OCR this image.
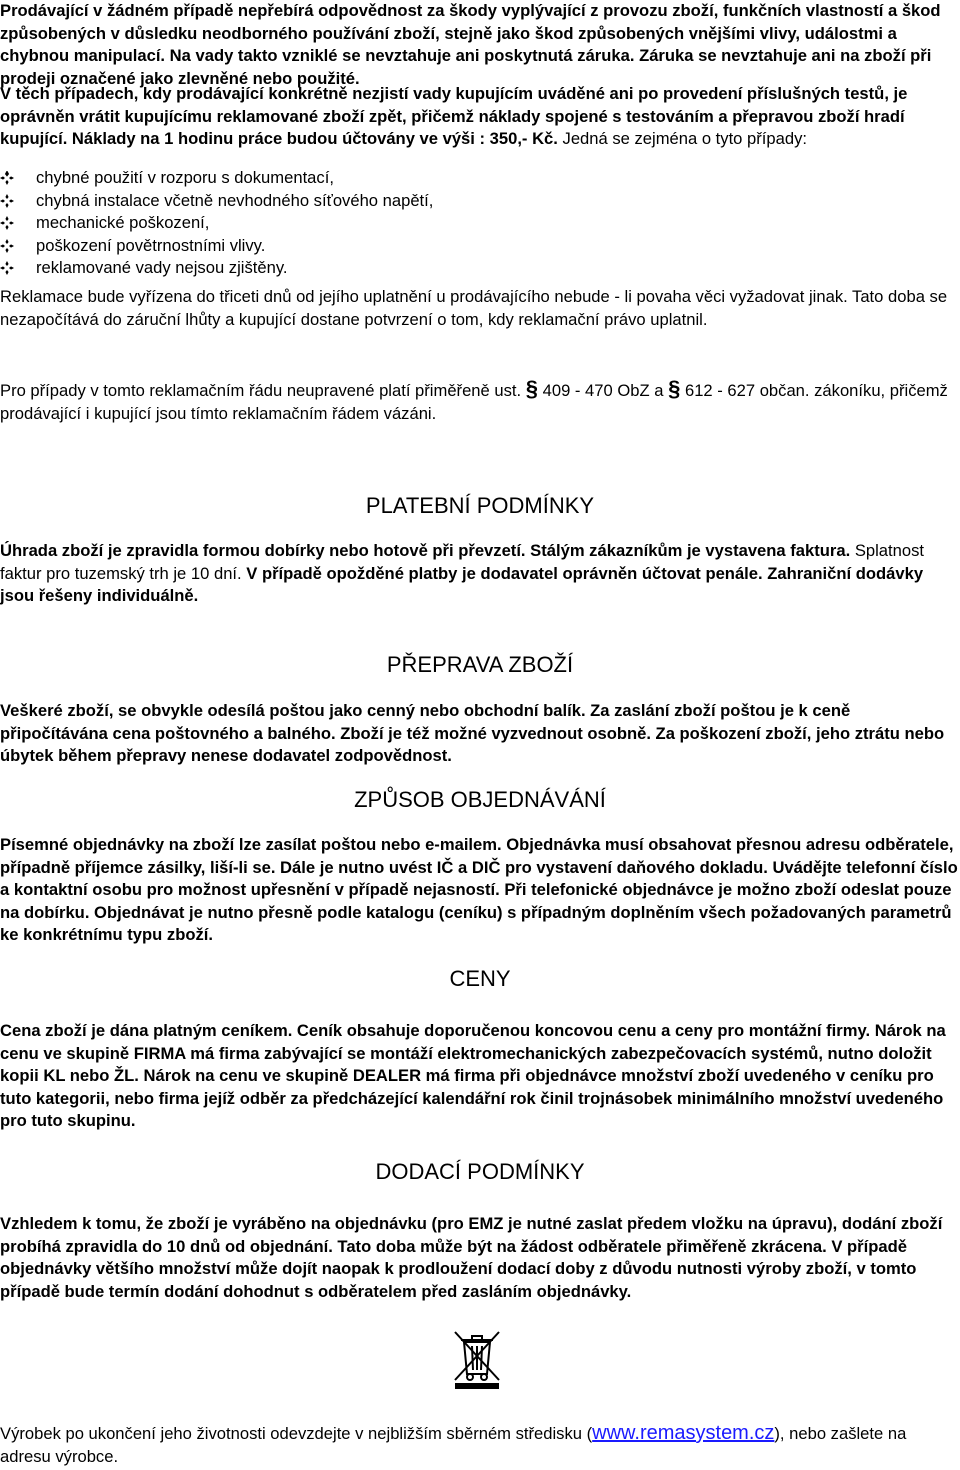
Prodávající v žádném případě nepřebírá odpovědnost za škody vyplývající z provozu zboží, funkčních vlastností a škod způsobených v důsledku neodborného používání zboží, stejně jako škod způsobených vnějšími vlivy, událostmi a chybnou manipulací. Na vady takto vzniklé se nevztahuje ani poskytnutá záruka. Záruka se nevztahuje ani na zboží při prodeji označené jako zlevněné nebo použité.

V těch případech, kdy prodávající konkrétně nezjistí vady kupujícím uváděné ani po provedení příslušných testů, je oprávněn vrátit kupujícímu reklamované zboží zpět, přičemž náklady spojené s testováním a přepravou zboží hradí kupující. Náklady na 1 hodinu práce budou účtovány ve výši : 350,- Kč. Jedná se zejména o tyto případy:

chybné použití v rozporu s dokumentací,
chybná instalace včetně nevhodného síťového napětí,
mechanické poškození,
poškození povětrnostními vlivy.
reklamované vady nejsou zjištěny.

Reklamace bude vyřízena do třiceti dnů od jejího uplatnění u prodávajícího nebude - li povaha věci vyžadovat jinak. Tato doba se nezapočítává do záruční lhůty a kupující dostane potvrzení o tom, kdy reklamační právo uplatnil.

Pro případy v tomto reklamačním řádu neupravené platí přiměřeně ust. § 409 - 470 ObZ a § 612 - 627 občan. zákoníku, přičemž prodávající i kupující jsou tímto reklamačním řádem vázáni.

PLATEBNÍ PODMÍNKY

Úhrada zboží je zpravidla formou dobírky nebo hotově při převzetí. Stálým zákazníkům je vystavena faktura. Splatnost faktur pro tuzemský trh je 10 dní. V případě opožděné platby je dodavatel oprávněn účtovat penále. Zahraniční dodávky jsou řešeny individuálně.

PŘEPRAVA ZBOŽÍ

Veškeré zboží, se obvykle odesílá poštou jako cenný nebo obchodní balík. Za zaslání zboží poštou je k ceně připočítávána cena poštovného a balného. Zboží je též možné vyzvednout osobně. Za poškození zboží, jeho ztrátu nebo úbytek během přepravy nenese dodavatel zodpovědnost.

ZPŮSOB OBJEDNÁVÁNÍ

Písemné objednávky na zboží lze zasílat poštou nebo e-mailem. Objednávka musí obsahovat přesnou adresu odběratele, případně příjemce zásilky, liší-li se. Dále je nutno uvést IČ a DIČ pro vystavení daňového dokladu. Uvádějte telefonní číslo a kontaktní osobu pro možnost upřesnění v případě nejasností. Při telefonické objednávce je možno zboží odeslat pouze na dobírku. Objednávat je nutno přesně podle katalogu (ceníku) s případným doplněním všech požadovaných parametrů ke konkrétnímu typu zboží.

CENY

Cena zboží je dána platným ceníkem. Ceník obsahuje doporučenou koncovou cenu a ceny pro montážní firmy. Nárok na cenu ve skupině FIRMA má firma zabývající se montáží elektromechanických zabezpečovacích systémů, nutno doložit kopii KL nebo ŽL. Nárok na cenu ve skupině DEALER má firma při objednávce množství zboží uvedeného v ceníku pro tuto kategorii, nebo firma jejíž odběr za předcházející kalendářní rok činil trojnásobek minimálního množství uvedeného pro tuto skupinu.

DODACÍ PODMÍNKY

Vzhledem k tomu, že zboží je vyráběno na objednávku (pro EMZ je nutné zaslat předem vložku na úpravu), dodání zboží probíhá zpravidla do 10 dnů od objednání. Tato doba může být na žádost odběratele přiměřeně zkrácena. V případě objednávky většího množství může dojít naopak k prodloužení dodací doby z důvodu nutnosti výroby zboží, v tomto případě bude termín dodání dohodnut s odběratelem před zasláním objednávky.

Výrobek po ukončení jeho životnosti odevzdejte v nejbližším sběrném středisku (www.remasystem.cz), nebo zašlete na adresu výrobce.
